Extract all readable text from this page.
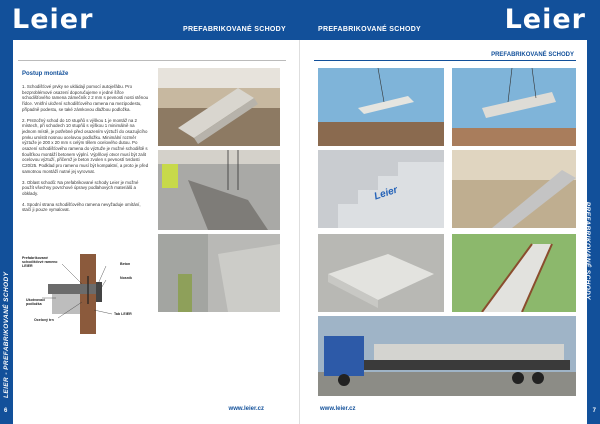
Leier	PREFABRIKOVANÉ SCHODY
LEIER - PREFABRIKOVANÉ SCHODY
6
Postup montáže

1. Schodišťové prvky se ukládají pomocí autojeřábu. Pro bezproblémové osazení doporučujeme v jedné šířce schodišťového ramena zámečník z 2 mm s pevnosti nosti stěnou řídce. Vnitřní uložení schodišťového ramena na mezipodestu, případně podestu, se také zámkovou dlažbou podložka.

2. Prstrožný schod do 10 stupňů s výškou 1 je montáž na 2 místech, při schodech 10 stupňů s výškou 1 minimálně na jednom místě, je potřebné před osazením výztuží do osazujícího prvku umístit nosnou ocelovou podložku. Minimální rozměr výztuže je 200 x 20 mm s celým tělem ocelového dutou. Po osazení schodišťového ramena do výztuže je možné schodiště s tloušťkou montáží betonem výplní. Výplňový otvor musí být zalit ocelovou výztuží, přičemž je beton zvolen s pevností tvrdosti C20/25. Podklad pro rameno musí být kompaktní, a proto je před samotnou montáží nutné jej vyrovnat.

3. Oblast schodů: Na prefabrikované schody Leier je možné použít všechny povrchové úpravy podlahových materiálů a obklady.

4. Spodní strana schodišťového ramena nevyžaduje omítání, stačí ji pouze vymalovat.

Prefabrikované schodišťové rameno LEIER	Beton
Nosník
Ukotvovací podložka
Ocelový trn
Tab LEIER
www.leier.cz
PREFABRIKOVANÉ SCHODY	Leier
PREFABRIKOVANÉ SCHODY
7
PREFABRIKOVANÉ SCHODY
Leier
www.leier.cz
